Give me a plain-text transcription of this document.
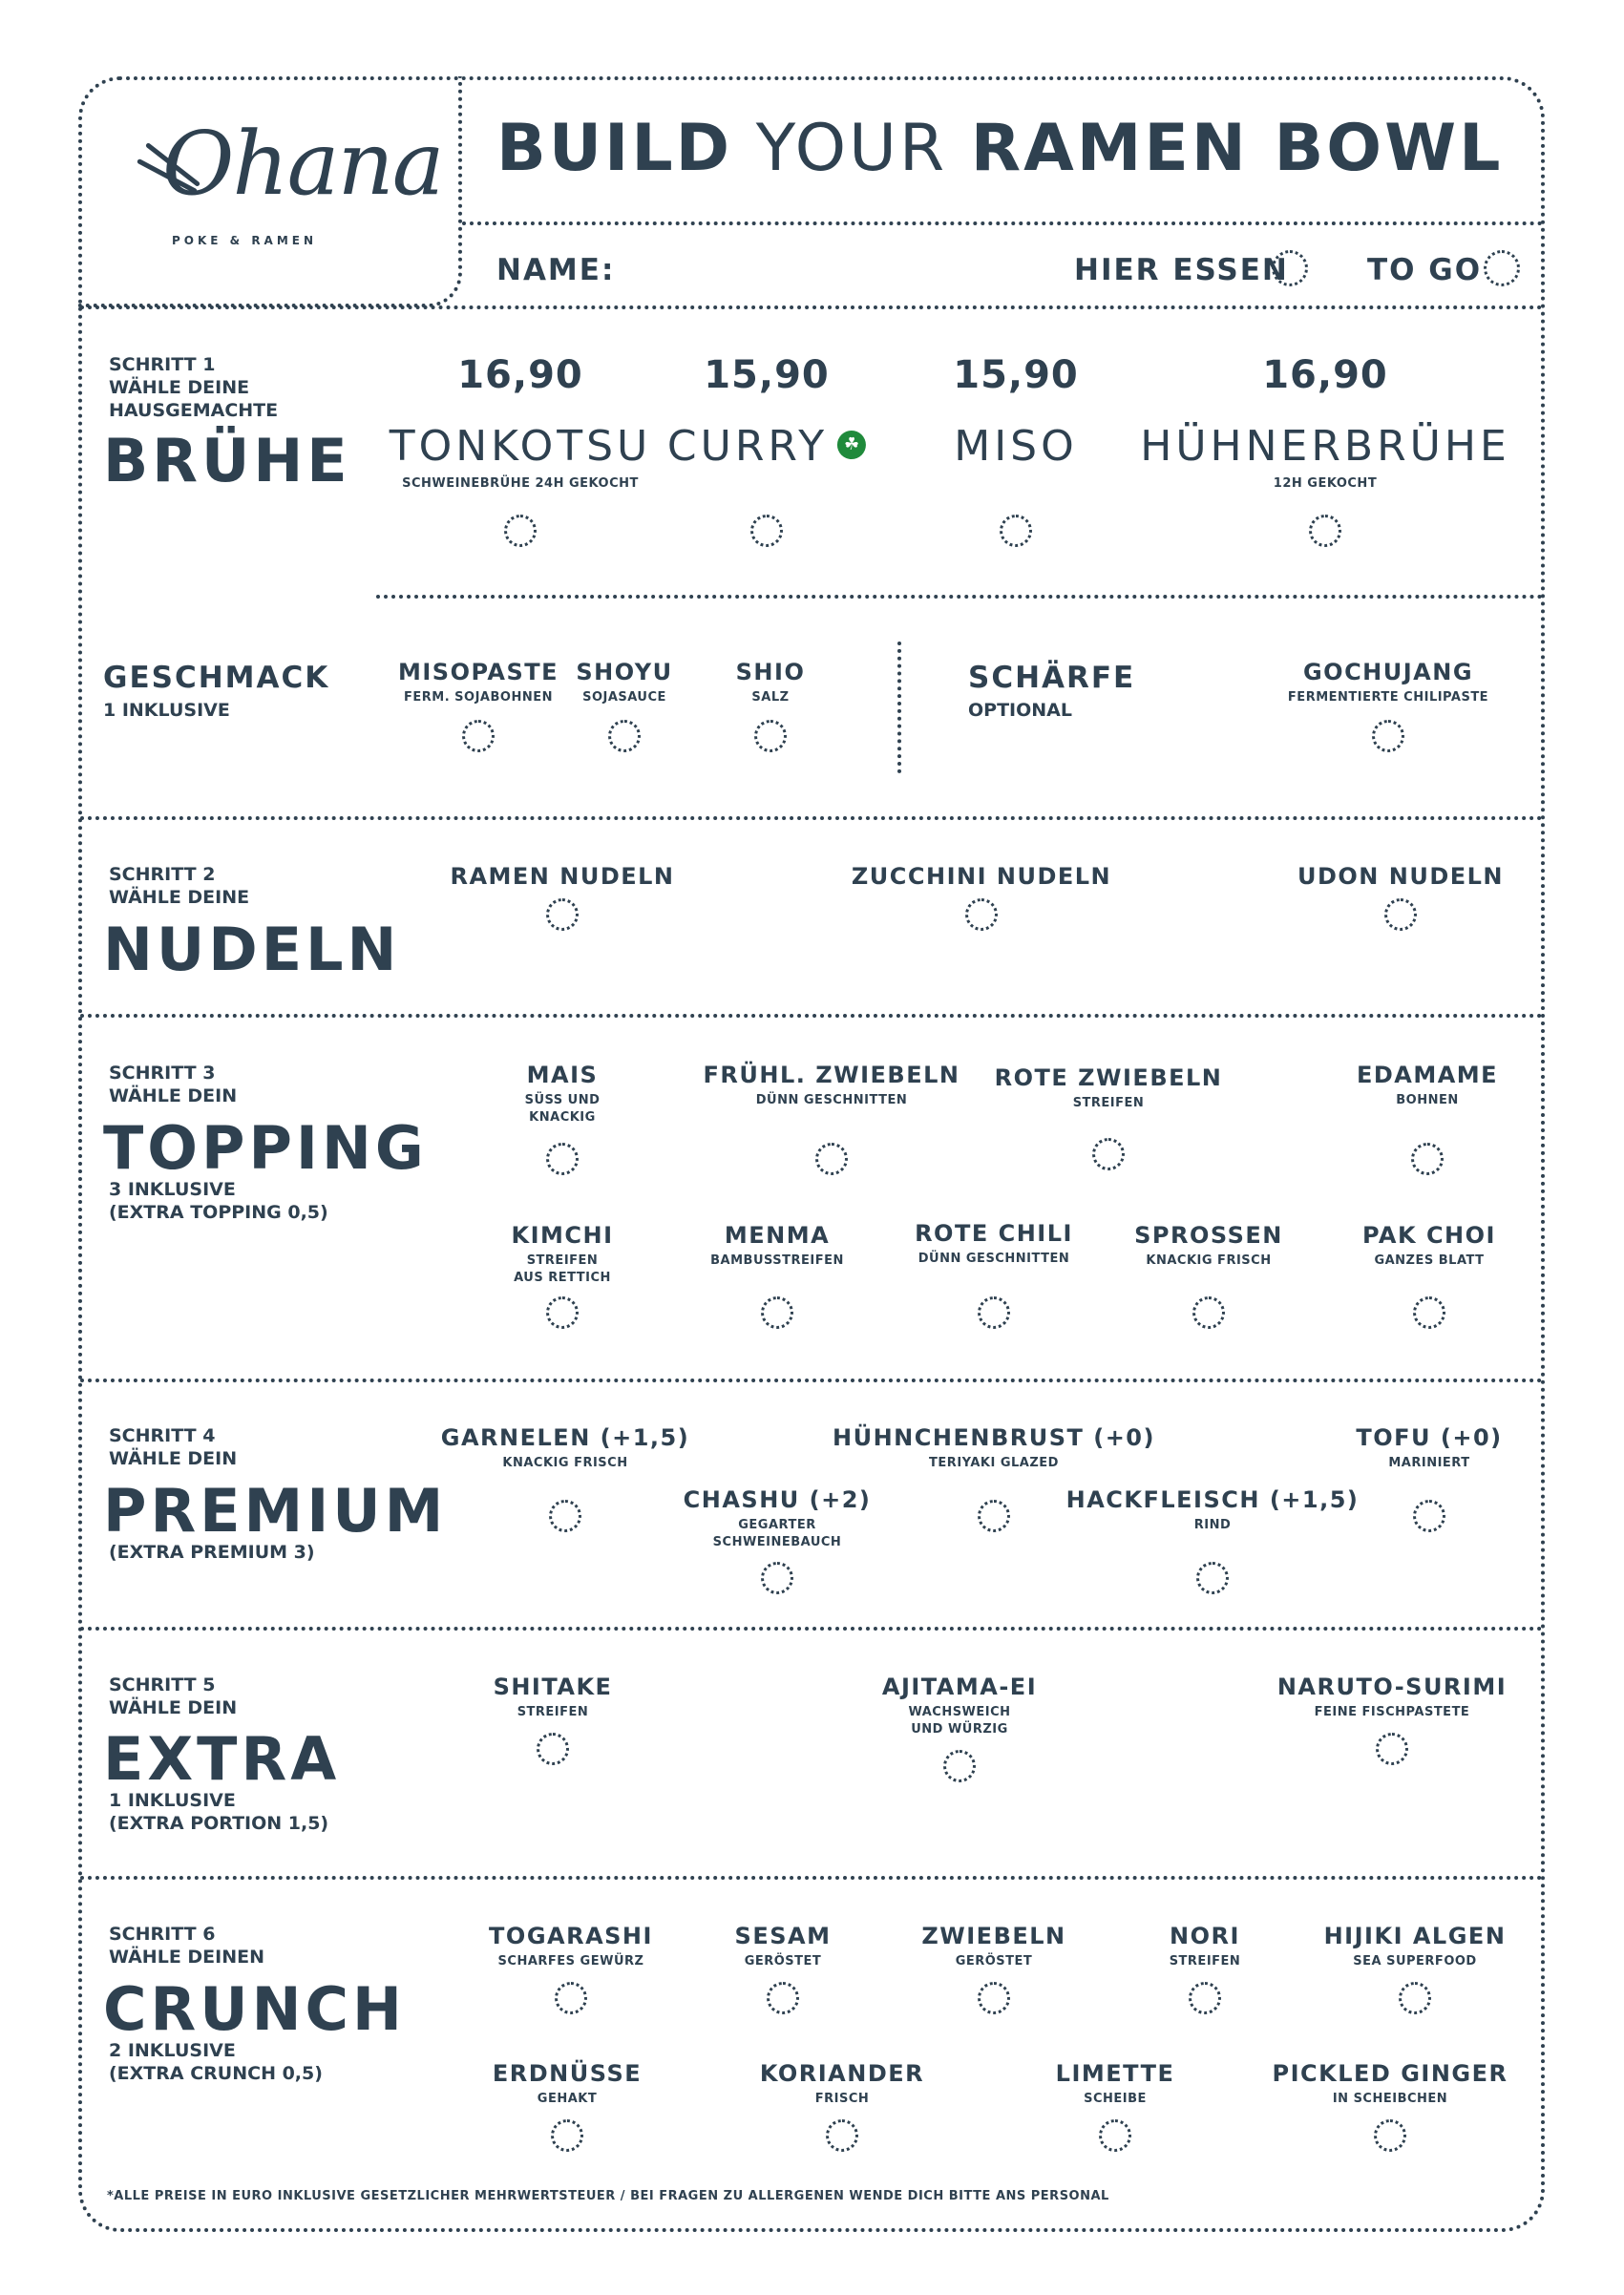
Ohana
POKE & RAMEN
BUILD YOUR RAMEN BOWL
NAME:	HIER ESSEN	TO GO
SCHRITT 1
WÄHLE DEINE
HAUSGEMACHTE
BRÜHE
16,90
TONKOTSU
SCHWEINEBRÜHE 24H GEKOCHT
15,90
CURRY ☘
15,90
MISO
16,90
HÜHNERBRÜHE
12H GEKOCHT
GESCHMACK
1 INKLUSIVE
MISOPASTE
FERM. SOJABOHNEN
SHOYU
SOJASAUCE
SHIO
SALZ
SCHÄRFE
OPTIONAL
GOCHUJANG
FERMENTIERTE CHILIPASTE
SCHRITT 2
WÄHLE DEINE
NUDELN
RAMEN NUDELN	ZUCCHINI NUDELN	UDON NUDELN
SCHRITT 3
WÄHLE DEIN
TOPPING
3 INKLUSIVE
(EXTRA TOPPING 0,5)
MAIS
SÜSS UND
KNACKIG
FRÜHL. ZWIEBELN
DÜNN GESCHNITTEN
ROTE ZWIEBELN
STREIFEN
EDAMAME
BOHNEN
KIMCHI
STREIFEN
AUS RETTICH
MENMA
BAMBUSSTREIFEN
ROTE CHILI
DÜNN GESCHNITTEN
SPROSSEN
KNACKIG FRISCH
PAK CHOI
GANZES BLATT
SCHRITT 4
WÄHLE DEIN
PREMIUM
(EXTRA PREMIUM 3)
GARNELEN (+1,5)
KNACKIG FRISCH
HÜHNCHENBRUST (+0)
TERIYAKI GLAZED
TOFU (+0)
MARINIERT
CHASHU (+2)
GEGARTER
SCHWEINEBAUCH
HACKFLEISCH (+1,5)
RIND
SCHRITT 5
WÄHLE DEIN
EXTRA
1 INKLUSIVE
(EXTRA PORTION 1,5)
SHITAKE
STREIFEN
AJITAMA-EI
WACHSWEICH
UND WÜRZIG
NARUTO-SURIMI
FEINE FISCHPASTETE
SCHRITT 6
WÄHLE DEINEN
CRUNCH
2 INKLUSIVE
(EXTRA CRUNCH 0,5)
TOGARASHI
SCHARFES GEWÜRZ
SESAM
GERÖSTET
ZWIEBELN
GERÖSTET
NORI
STREIFEN
HIJIKI ALGEN
SEA SUPERFOOD
ERDNÜSSE
GEHAKT
KORIANDER
FRISCH
LIMETTE
SCHEIBE
PICKLED GINGER
IN SCHEIBCHEN
*ALLE PREISE IN EURO INKLUSIVE GESETZLICHER MEHRWERTSTEUER / BEI FRAGEN ZU ALLERGENEN WENDE DICH BITTE ANS PERSONAL
